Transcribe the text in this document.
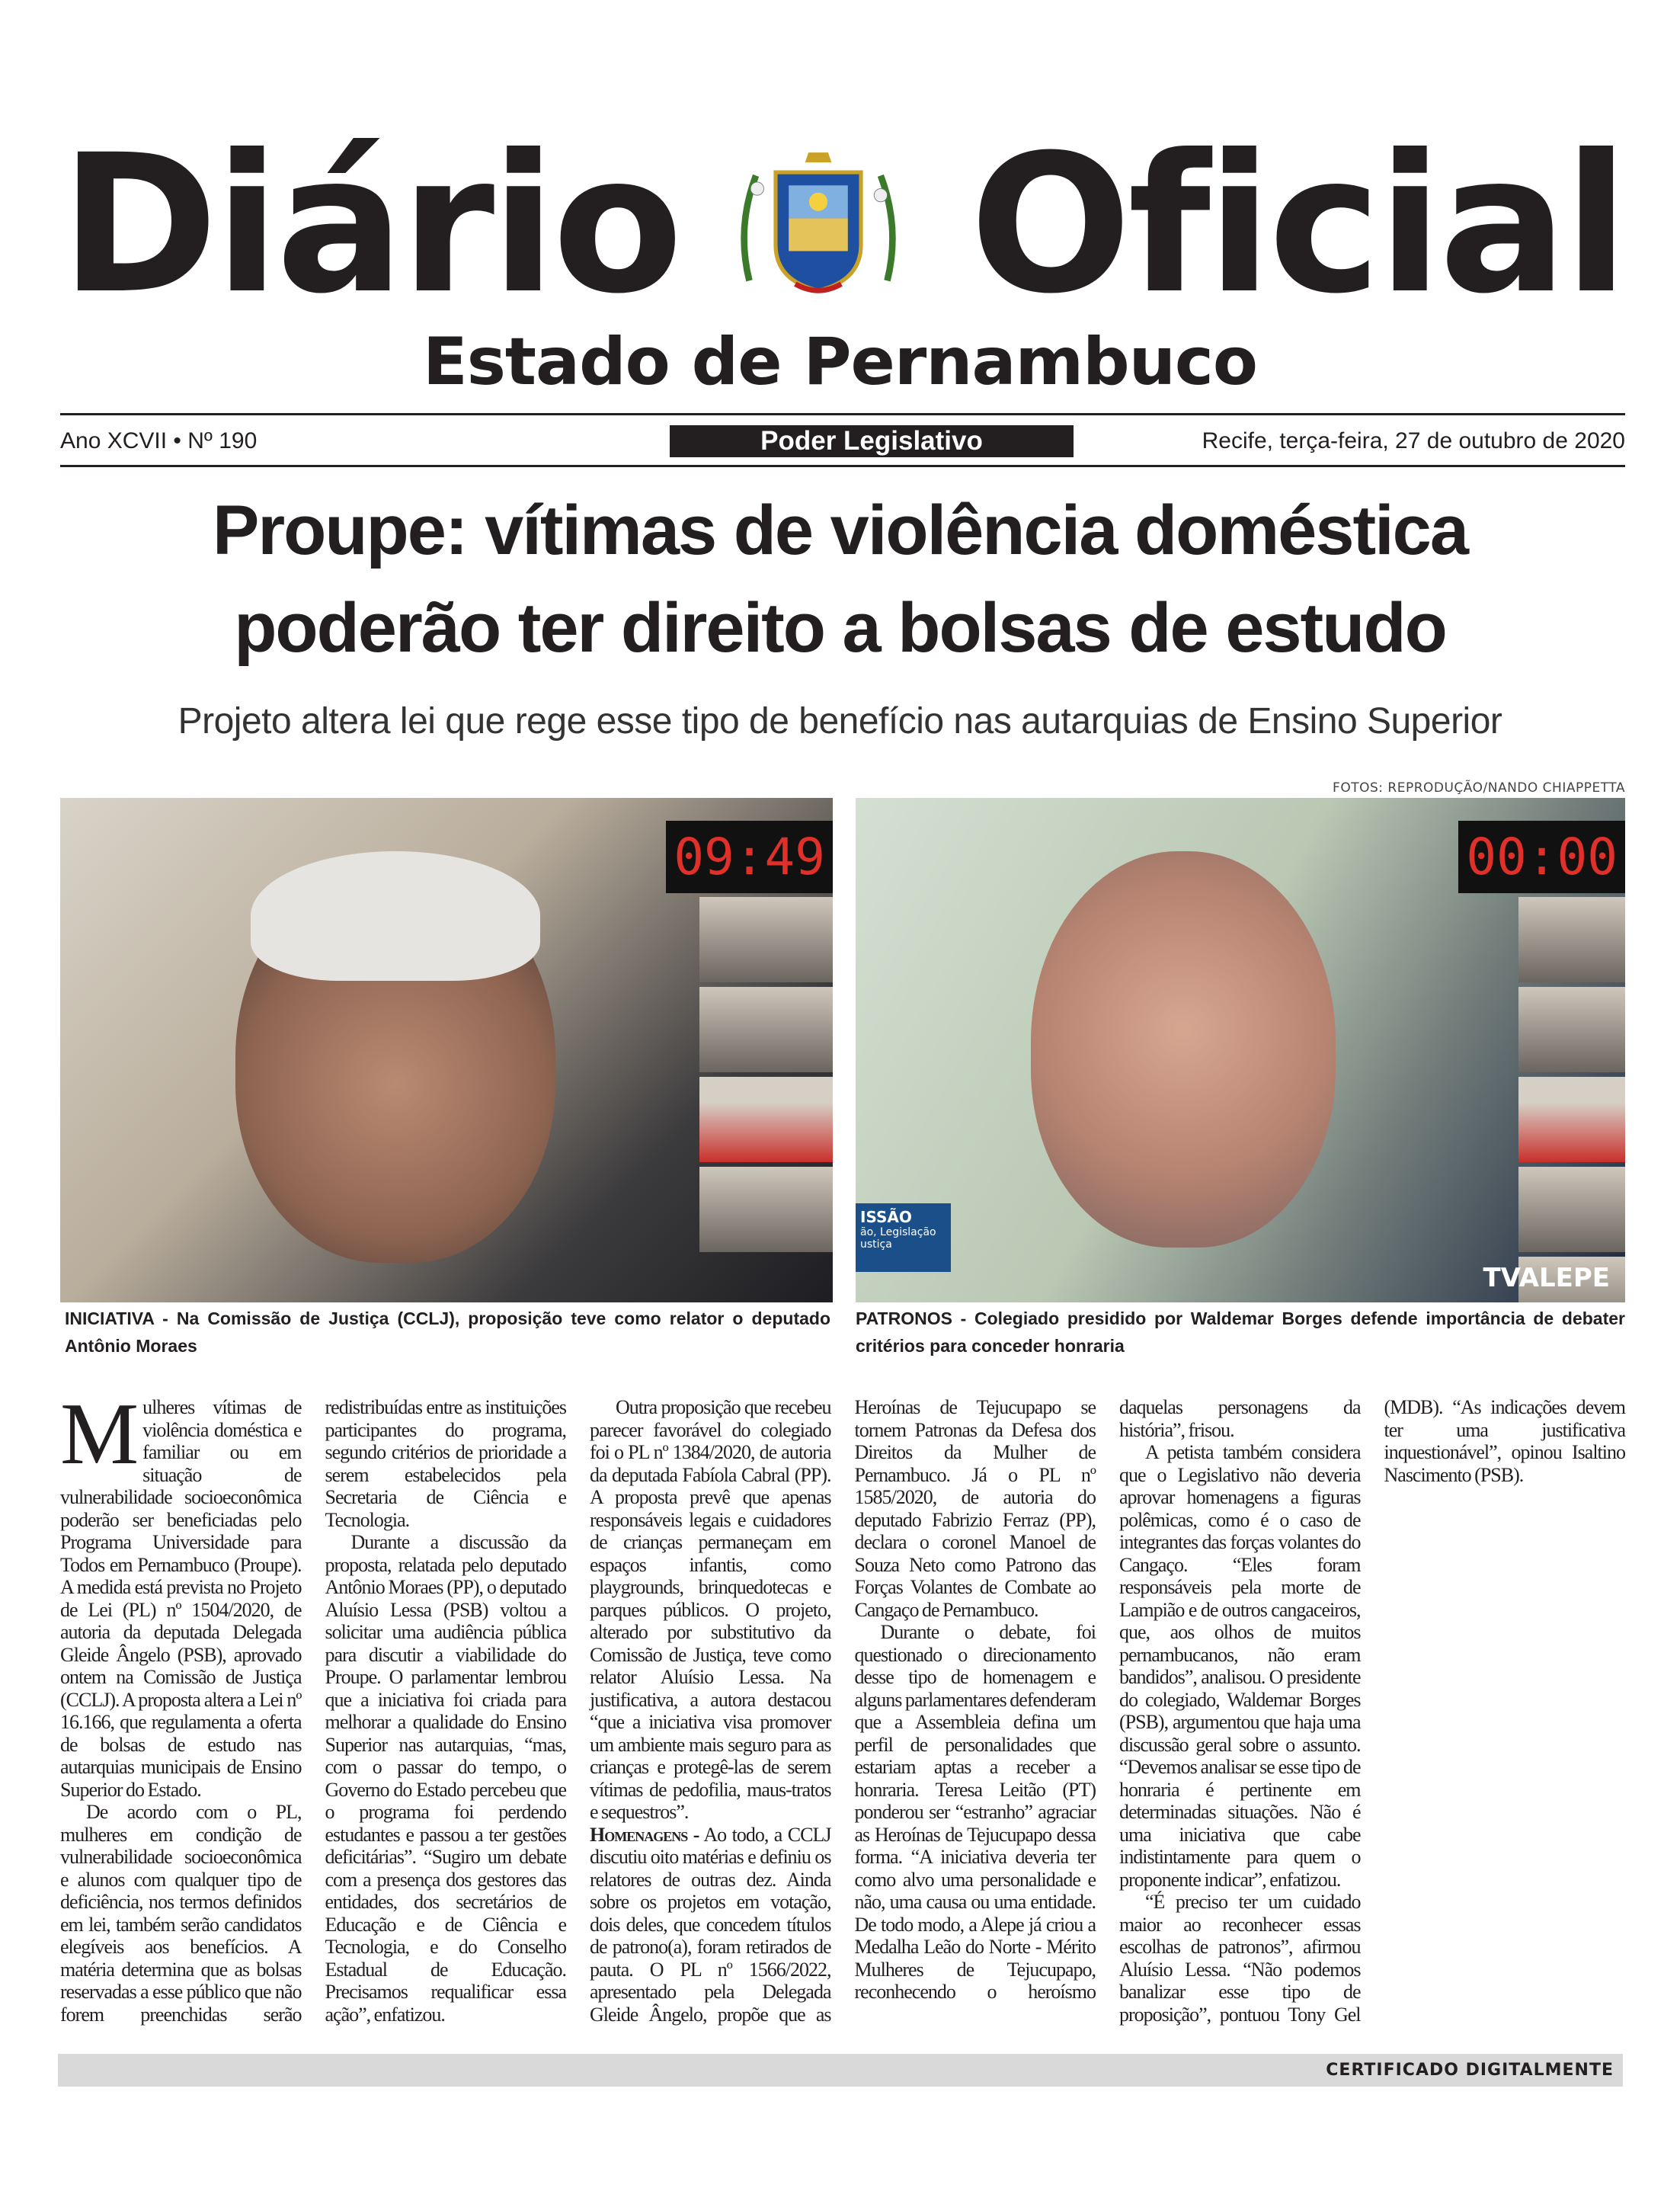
Diário Oficial
Estado de Pernambuco
Ano XCVII • Nº 190	Poder Legislativo	Recife, terça-feira, 27 de outubro de 2020
Proupe: vítimas de violência doméstica
poderão ter direito a bolsas de estudo
Projeto altera lei que rege esse tipo de benefício nas autarquias de Ensino Superior
FOTOS: REPRODUÇÃO/NANDO CHIAPPETTA
09:49	00:00
ISSÃO
ão, Legislação
ustiça
TVALEPE
INICIATIVA - Na Comissão de Justiça (CCLJ), proposição teve como relator o deputado Antônio Moraes
PATRONOS - Colegiado presidido por Waldemar Borges defende importância de debater critérios para conceder honraria

Mulheres vítimas de violência doméstica e familiar ou em situação de vulnerabilidade socioeconômica poderão ser beneficiadas pelo Programa Universidade para Todos em Pernambuco (Proupe). A medida está prevista no Projeto de Lei (PL) nº 1504/2020, de autoria da deputada Delegada Gleide Ângelo (PSB), aprovado ontem na Comissão de Justiça (CCLJ). A proposta altera a Lei nº 16.166, que regulamenta a oferta de bolsas de estudo nas autarquias municipais de Ensino Superior do Estado.

De acordo com o PL, mulheres em condição de vulnerabilidade socioeconômica e alunos com qualquer tipo de deficiência, nos termos definidos em lei, também serão candidatos elegíveis aos benefícios. A matéria determina que as bolsas reservadas a esse público que não forem preenchidas serão redistribuídas entre as instituições participantes do programa, segundo critérios de prioridade a serem estabelecidos pela Secretaria de Ciência e Tecnologia.

Durante a discussão da proposta, relatada pelo deputado Antônio Moraes (PP), o deputado Aluísio Lessa (PSB) voltou a solicitar uma audiência pública para discutir a viabilidade do Proupe. O parlamentar lembrou que a iniciativa foi criada para melhorar a qualidade do Ensino Superior nas autarquias, “mas, com o passar do tempo, o Governo do Estado percebeu que o programa foi perdendo estudantes e passou a ter gestões deficitárias”. “Sugiro um debate com a presença dos gestores das entidades, dos secretários de Educação e de Ciência e Tecnologia, e do Conselho Estadual de Educação. Precisamos requalificar essa ação”, enfatizou.

Outra proposição que recebeu parecer favorável do colegiado foi o PL nº 1384/2020, de autoria da deputada Fabíola Cabral (PP). A proposta prevê que apenas responsáveis legais e cuidadores de crianças permaneçam em espaços infantis, como playgrounds, brinquedotecas e parques públicos. O projeto, alterado por substitutivo da Comissão de Justiça, teve como relator Aluísio Lessa. Na justificativa, a autora destacou “que a iniciativa visa promover um ambiente mais seguro para as crianças e protegê-las de serem vítimas de pedofilia, maus-tratos e sequestros”.

Homenagens - Ao todo, a CCLJ discutiu oito matérias e definiu os relatores de outras dez. Ainda sobre os projetos em votação, dois deles, que concedem títulos de patrono(a), foram retirados de pauta. O PL nº 1566/2022, apresentado pela Delegada Gleide Ângelo, propõe que as Heroínas de Tejucupapo se tornem Patronas da Defesa dos Direitos da Mulher de Pernambuco. Já o PL nº 1585/2020, de autoria do deputado Fabrizio Ferraz (PP), declara o coronel Manoel de Souza Neto como Patrono das Forças Volantes de Combate ao Cangaço de Pernambuco.

Durante o debate, foi questionado o direcionamento desse tipo de homenagem e alguns parlamentares defenderam que a Assembleia defina um perfil de personalidades que estariam aptas a receber a honraria. Teresa Leitão (PT) ponderou ser “estranho” agraciar as Heroínas de Tejucupapo dessa forma. “A iniciativa deveria ter como alvo uma personalidade e não, uma causa ou uma entidade. De todo modo, a Alepe já criou a Medalha Leão do Norte - Mérito Mulheres de Tejucupapo, reconhecendo o heroísmo daquelas personagens da história”, frisou.

A petista também considera que o Legislativo não deveria aprovar homenagens a figuras polêmicas, como é o caso de integrantes das forças volantes do Cangaço. “Eles foram responsáveis pela morte de Lampião e de outros cangaceiros, que, aos olhos de muitos pernambucanos, não eram bandidos”, analisou. O presidente do colegiado, Waldemar Borges (PSB), argumentou que haja uma discussão geral sobre o assunto. “Devemos analisar se esse tipo de honraria é pertinente em determinadas situações. Não é uma iniciativa que cabe indistintamente para quem o proponente indicar”, enfatizou.

“É preciso ter um cuidado maior ao reconhecer essas escolhas de patronos”, afirmou Aluísio Lessa. “Não podemos banalizar esse tipo de proposição”, pontuou Tony Gel (MDB). “As indicações devem ter uma justificativa inquestionável”, opinou Isaltino Nascimento (PSB).

CERTIFICADO DIGITALMENTE
